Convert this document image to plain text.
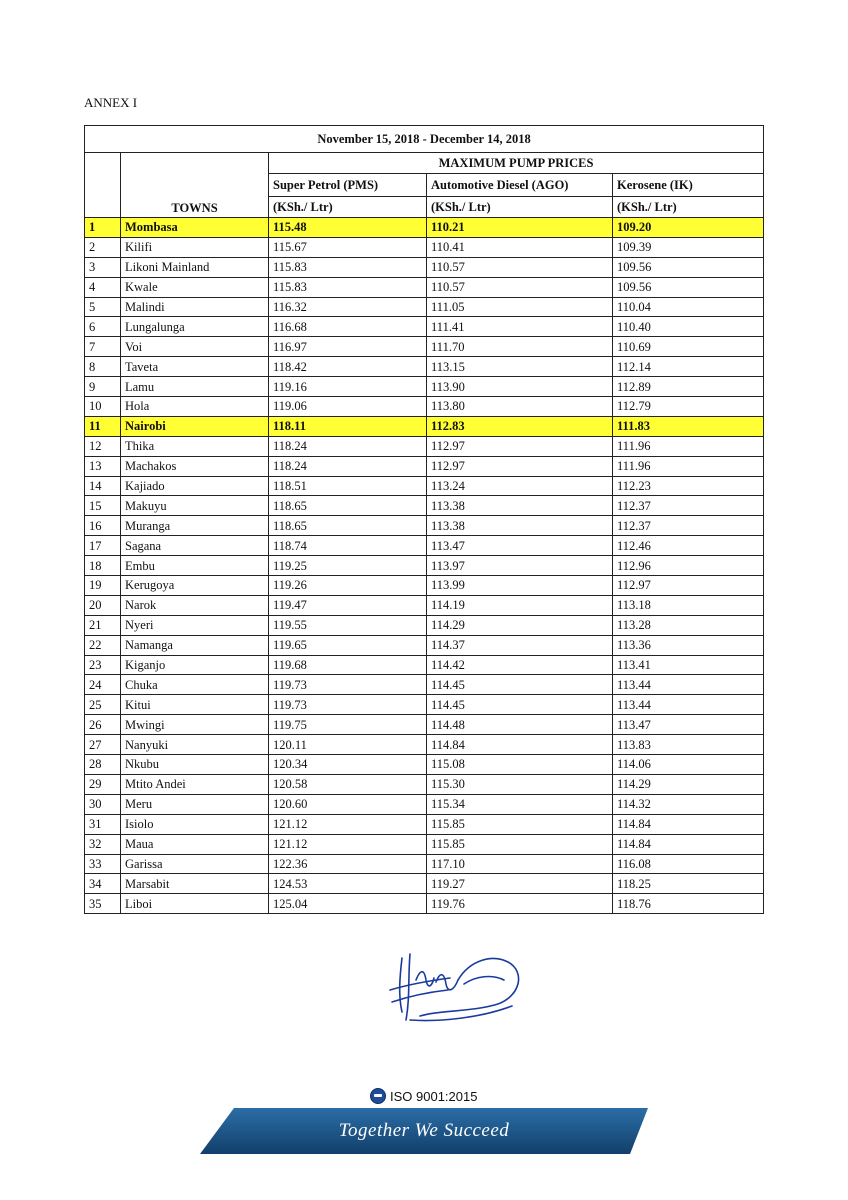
ANNEX I
November 15, 2018 - December 14, 2018				
	TOWNS	MAXIMUM PUMP PRICES		
		Super Petrol (PMS)	Automotive Diesel (AGO)	Kerosene (IK)
		(KSh./ Ltr)	(KSh./ Ltr)	(KSh./ Ltr)
1	Mombasa	115.48	110.21	109.20
2	Kilifi	115.67	110.41	109.39
3	Likoni Mainland	115.83	110.57	109.56
4	Kwale	115.83	110.57	109.56
5	Malindi	116.32	111.05	110.04
6	Lungalunga	116.68	111.41	110.40
7	Voi	116.97	111.70	110.69
8	Taveta	118.42	113.15	112.14
9	Lamu	119.16	113.90	112.89
10	Hola	119.06	113.80	112.79
11	Nairobi	118.11	112.83	111.83
12	Thika	118.24	112.97	111.96
13	Machakos	118.24	112.97	111.96
14	Kajiado	118.51	113.24	112.23
15	Makuyu	118.65	113.38	112.37
16	Muranga	118.65	113.38	112.37
17	Sagana	118.74	113.47	112.46
18	Embu	119.25	113.97	112.96
19	Kerugoya	119.26	113.99	112.97
20	Narok	119.47	114.19	113.18
21	Nyeri	119.55	114.29	113.28
22	Namanga	119.65	114.37	113.36
23	Kiganjo	119.68	114.42	113.41
24	Chuka	119.73	114.45	113.44
25	Kitui	119.73	114.45	113.44
26	Mwingi	119.75	114.48	113.47
27	Nanyuki	120.11	114.84	113.83
28	Nkubu	120.34	115.08	114.06
29	Mtito Andei	120.58	115.30	114.29
30	Meru	120.60	115.34	114.32
31	Isiolo	121.12	115.85	114.84
32	Maua	121.12	115.85	114.84
33	Garissa	122.36	117.10	116.08
34	Marsabit	124.53	119.27	118.25
35	Liboi	125.04	119.76	118.76
ISO 9001:2015
Together We Succeed
